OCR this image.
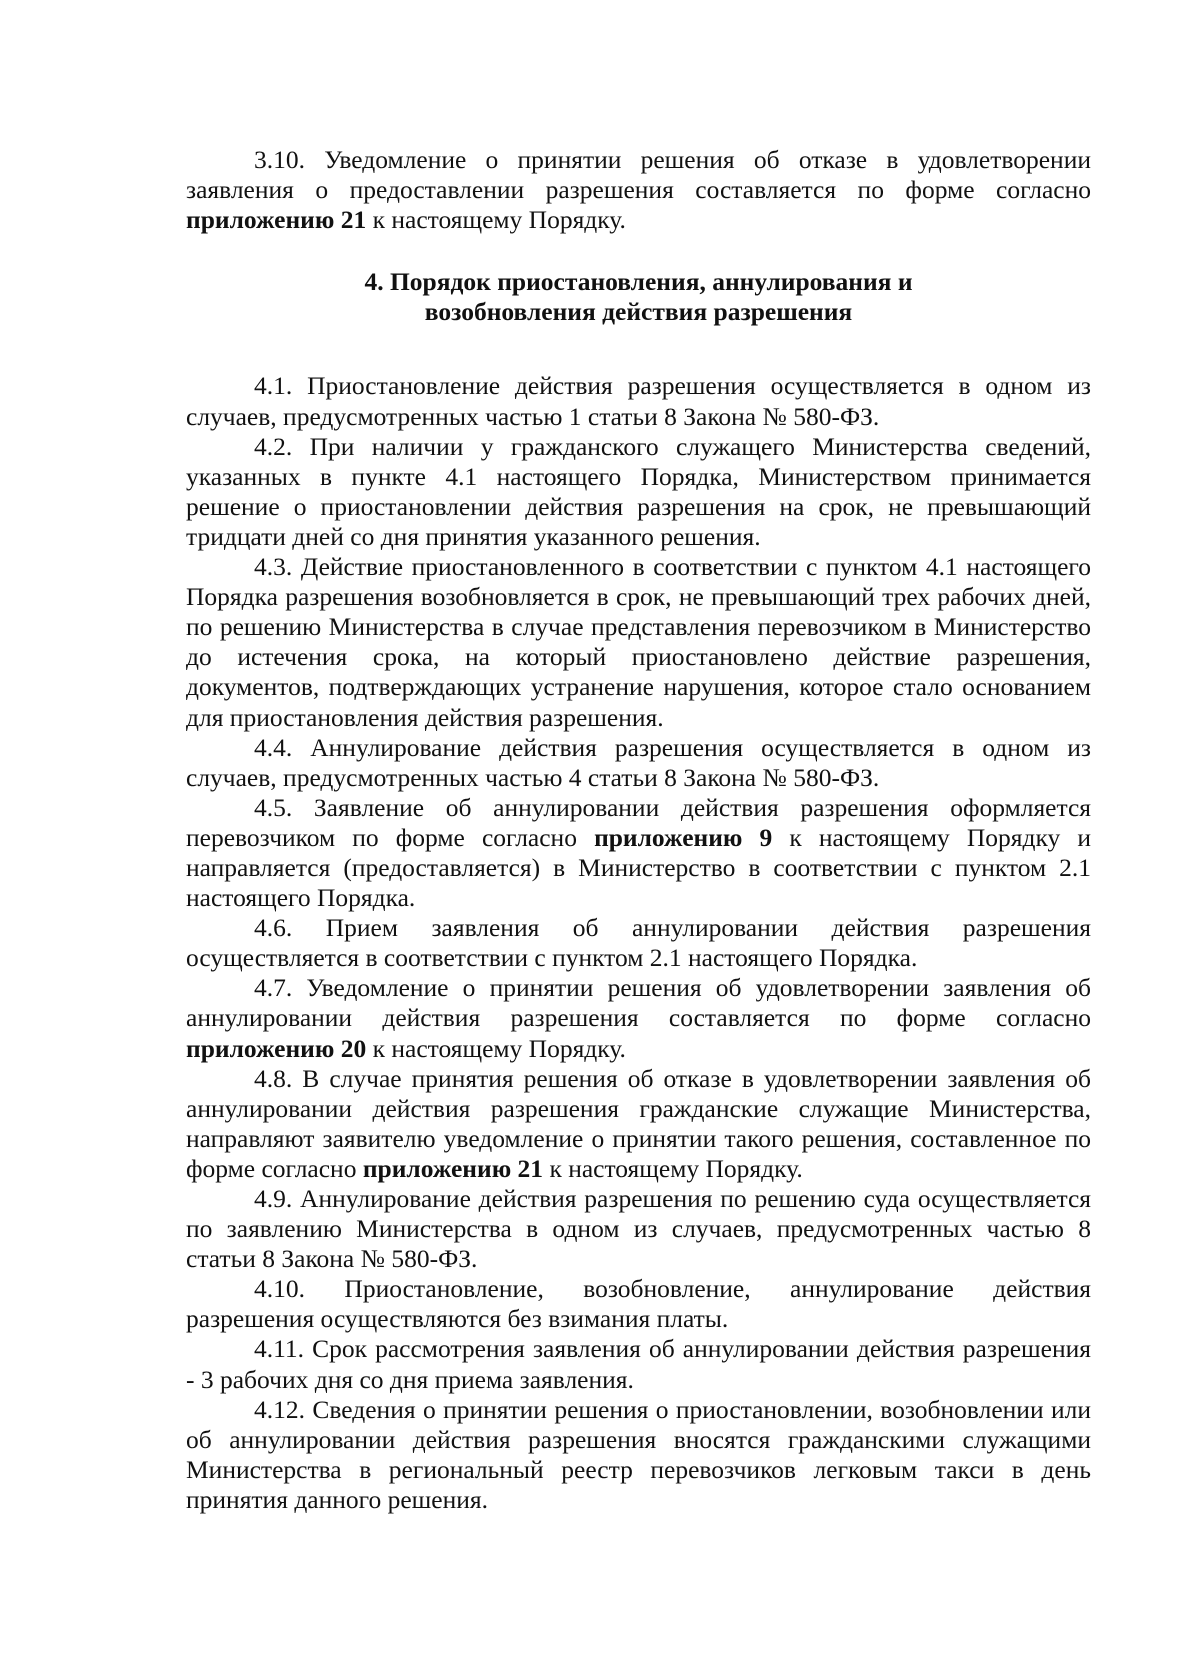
3.10. Уведомление о принятии решения об отказе в удовлетворении заявления о предоставлении разрешения составляется по форме согласно приложению 21 к настоящему Порядку.

4. Порядок приостановления, аннулирования и
возобновления действия разрешения

4.1. Приостановление действия разрешения осуществляется в одном из случаев, предусмотренных частью 1 статьи 8 Закона № 580-ФЗ.

4.2. При наличии у гражданского служащего Министерства сведений, указанных в пункте 4.1 настоящего Порядка, Министерством принимается решение о приостановлении действия разрешения на срок, не превышающий тридцати дней со дня принятия указанного решения.

4.3. Действие приостановленного в соответствии с пунктом 4.1 настоящего Порядка разрешения возобновляется в срок, не превышающий трех рабочих дней, по решению Министерства в случае представления перевозчиком в Министерство до истечения срока, на который приостановлено действие разрешения, документов, подтверждающих устранение нарушения, которое стало основанием для приостановления действия разрешения.

4.4. Аннулирование действия разрешения осуществляется в одном из случаев, предусмотренных частью 4 статьи 8 Закона № 580-ФЗ.

4.5. Заявление об аннулировании действия разрешения оформляется перевозчиком по форме согласно приложению 9 к настоящему Порядку и направляется (предоставляется) в Министерство в соответствии с пунктом 2.1 настоящего Порядка.

4.6. Прием заявления об аннулировании действия разрешения осуществляется в соответствии с пунктом 2.1 настоящего Порядка.

4.7. Уведомление о принятии решения об удовлетворении заявления об аннулировании действия разрешения составляется по форме согласно приложению 20 к настоящему Порядку.

4.8. В случае принятия решения об отказе в удовлетворении заявления об аннулировании действия разрешения гражданские служащие Министерства, направляют заявителю уведомление о принятии такого решения, составленное по форме согласно приложению 21 к настоящему Порядку.

4.9. Аннулирование действия разрешения по решению суда осуществляется по заявлению Министерства в одном из случаев, предусмотренных частью 8 статьи 8 Закона № 580-ФЗ.

4.10. Приостановление, возобновление, аннулирование действия разрешения осуществляются без взимания платы.

4.11. Срок рассмотрения заявления об аннулировании действия разрешения - 3 рабочих дня со дня приема заявления.

4.12. Сведения о принятии решения о приостановлении, возобновлении или об аннулировании действия разрешения вносятся гражданскими служащими Министерства в региональный реестр перевозчиков легковым такси в день принятия данного решения.
